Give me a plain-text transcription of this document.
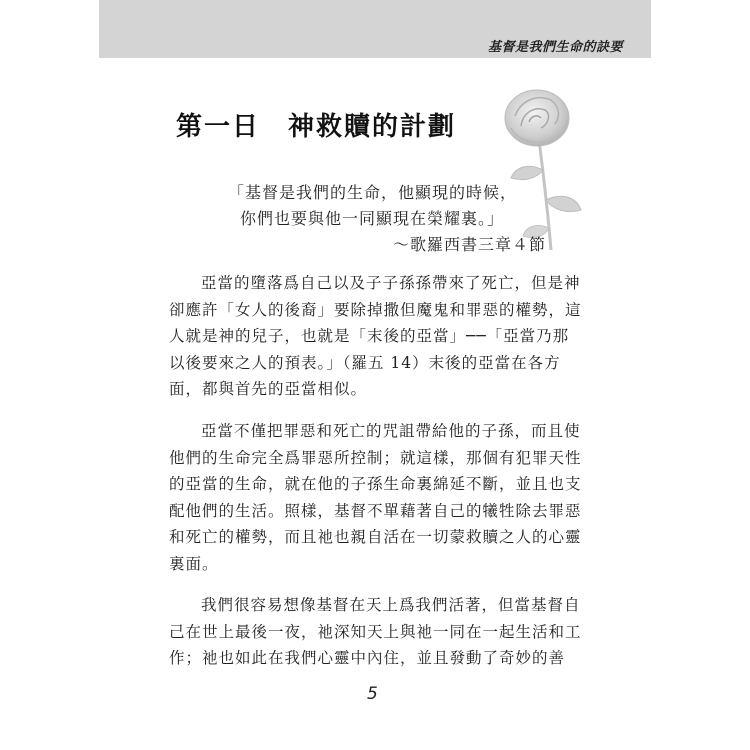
基督是我們生命的訣要
第一日　神救贖的計劃
「基督是我們的生命，他顯現的時候，
你們也要與他一同顯現在榮耀裏。」
～歌羅西書三章４節

亞當的墮落爲自己以及子子孫孫帶來了死亡，但是神

卻應許「女人的後裔」要除掉撒但魔鬼和罪惡的權勢，這

人就是神的兒子，也就是「末後的亞當」──「亞當乃那

以後要來之人的預表。」（羅五 14）末後的亞當在各方

面，都與首先的亞當相似。

亞當不僅把罪惡和死亡的咒詛帶給他的子孫，而且使

他們的生命完全爲罪惡所控制；就這樣，那個有犯罪天性

的亞當的生命，就在他的子孫生命裏綿延不斷，並且也支

配他們的生活。照樣，基督不單藉著自己的犧牲除去罪惡

和死亡的權勢，而且祂也親自活在一切蒙救贖之人的心靈

裏面。

我們很容易想像基督在天上爲我們活著，但當基督自

己在世上最後一夜，祂深知天上與祂一同在一起生活和工

作；祂也如此在我們心靈中內住，並且發動了奇妙的善

5
